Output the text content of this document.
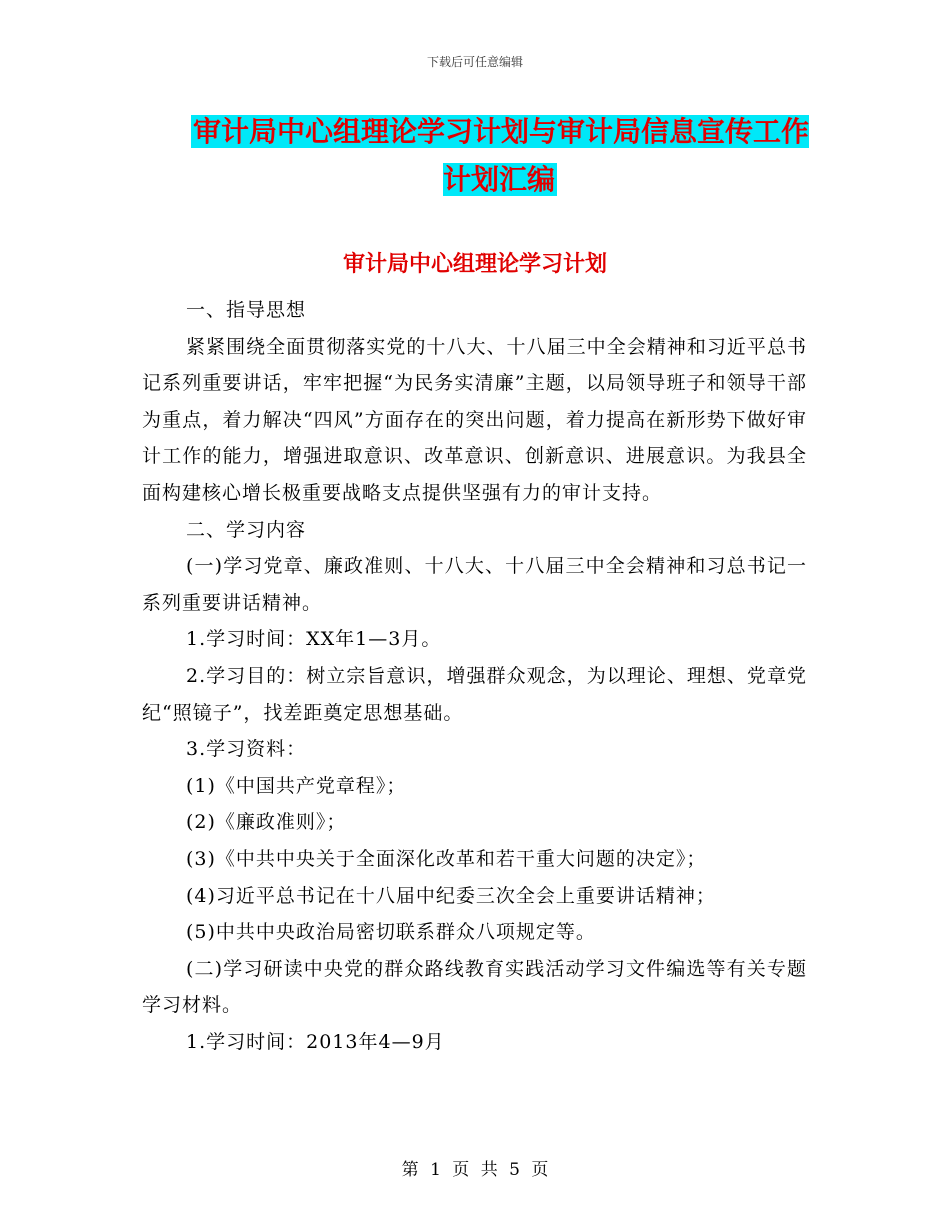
下载后可任意编辑
审计局中心组理论学习计划与审计局信息宣传工作计划汇编
审计局中心组理论学习计划

一、指导思想

紧紧围绕全面贯彻落实党的十八大、十八届三中全会精神和习近平总书记系列重要讲话，牢牢把握“为民务实清廉”主题，以局领导班子和领导干部为重点，着力解决“四风”方面存在的突出问题，着力提高在新形势下做好审计工作的能力，增强进取意识、改革意识、创新意识、进展意识。为我县全面构建核心增长极重要战略支点提供坚强有力的审计支持。

二、学习内容

(一)学习党章、廉政准则、十八大、十八届三中全会精神和习总书记一系列重要讲话精神。

1.学习时间：XX年1—3月。

2.学习目的：树立宗旨意识，增强群众观念，为以理论、理想、党章党纪“照镜子”，找差距奠定思想基础。

3.学习资料：

(1)《中国共产党章程》；

(2)《廉政准则》；

(3)《中共中央关于全面深化改革和若干重大问题的决定》；

(4)习近平总书记在十八届中纪委三次全会上重要讲话精神；

(5)中共中央政治局密切联系群众八项规定等。

(二)学习研读中央党的群众路线教育实践活动学习文件编选等有关专题学习材料。

1.学习时间：2013年4—9月

第 1 页 共 5 页
